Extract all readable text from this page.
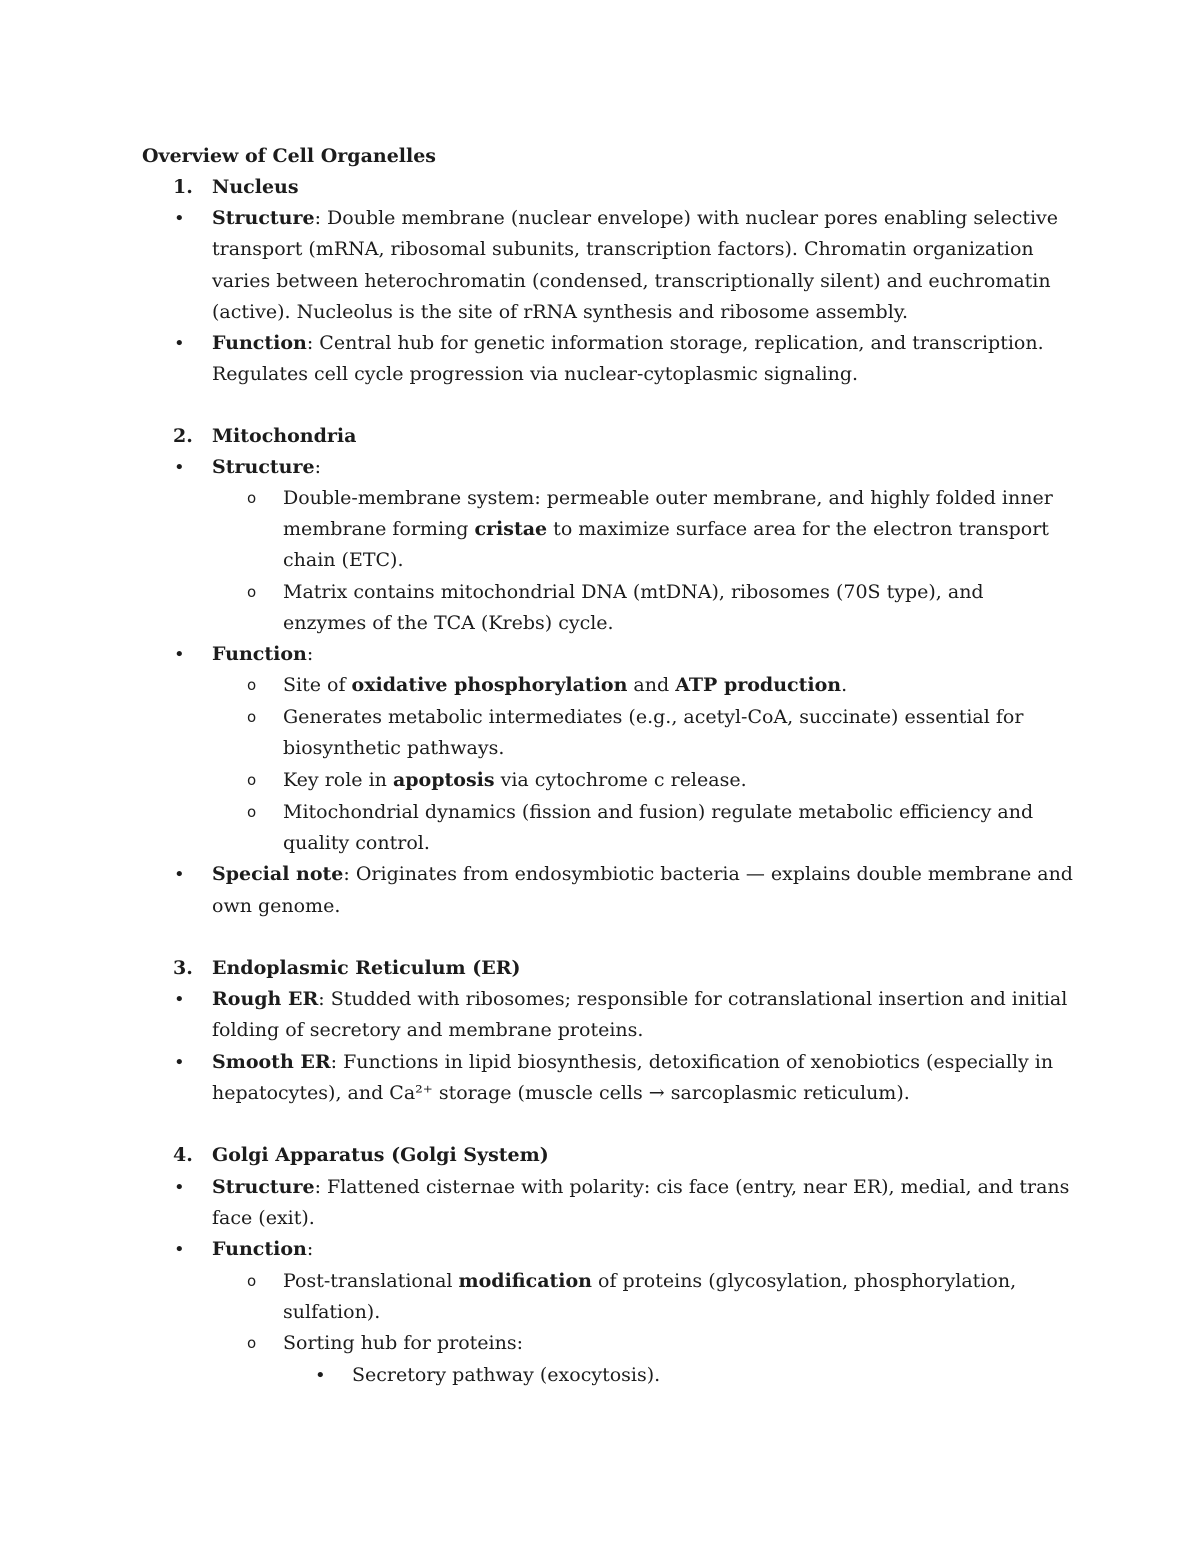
Overview of Cell Organelles
1. Nucleus
• Structure: Double membrane (nuclear envelope) with nuclear pores enabling selective
transport (mRNA, ribosomal subunits, transcription factors). Chromatin organization
varies between heterochromatin (condensed, transcriptionally silent) and euchromatin
(active). Nucleolus is the site of rRNA synthesis and ribosome assembly.
• Function: Central hub for genetic information storage, replication, and transcription.
Regulates cell cycle progression via nuclear-cytoplasmic signaling.
2. Mitochondria
• Structure:
o Double-membrane system: permeable outer membrane, and highly folded inner
membrane forming cristae to maximize surface area for the electron transport
chain (ETC).
o Matrix contains mitochondrial DNA (mtDNA), ribosomes (70S type), and
enzymes of the TCA (Krebs) cycle.
• Function:
o Site of oxidative phosphorylation and ATP production.
o Generates metabolic intermediates (e.g., acetyl-CoA, succinate) essential for
biosynthetic pathways.
o Key role in apoptosis via cytochrome c release.
o Mitochondrial dynamics (fission and fusion) regulate metabolic efficiency and
quality control.
• Special note: Originates from endosymbiotic bacteria — explains double membrane and
own genome.
3. Endoplasmic Reticulum (ER)
• Rough ER: Studded with ribosomes; responsible for cotranslational insertion and initial
folding of secretory and membrane proteins.
• Smooth ER: Functions in lipid biosynthesis, detoxification of xenobiotics (especially in
hepatocytes), and Ca²⁺ storage (muscle cells → sarcoplasmic reticulum).
4. Golgi Apparatus (Golgi System)
• Structure: Flattened cisternae with polarity: cis face (entry, near ER), medial, and trans
face (exit).
• Function:
o Post-translational modification of proteins (glycosylation, phosphorylation,
sulfation).
o Sorting hub for proteins:
• Secretory pathway (exocytosis).
